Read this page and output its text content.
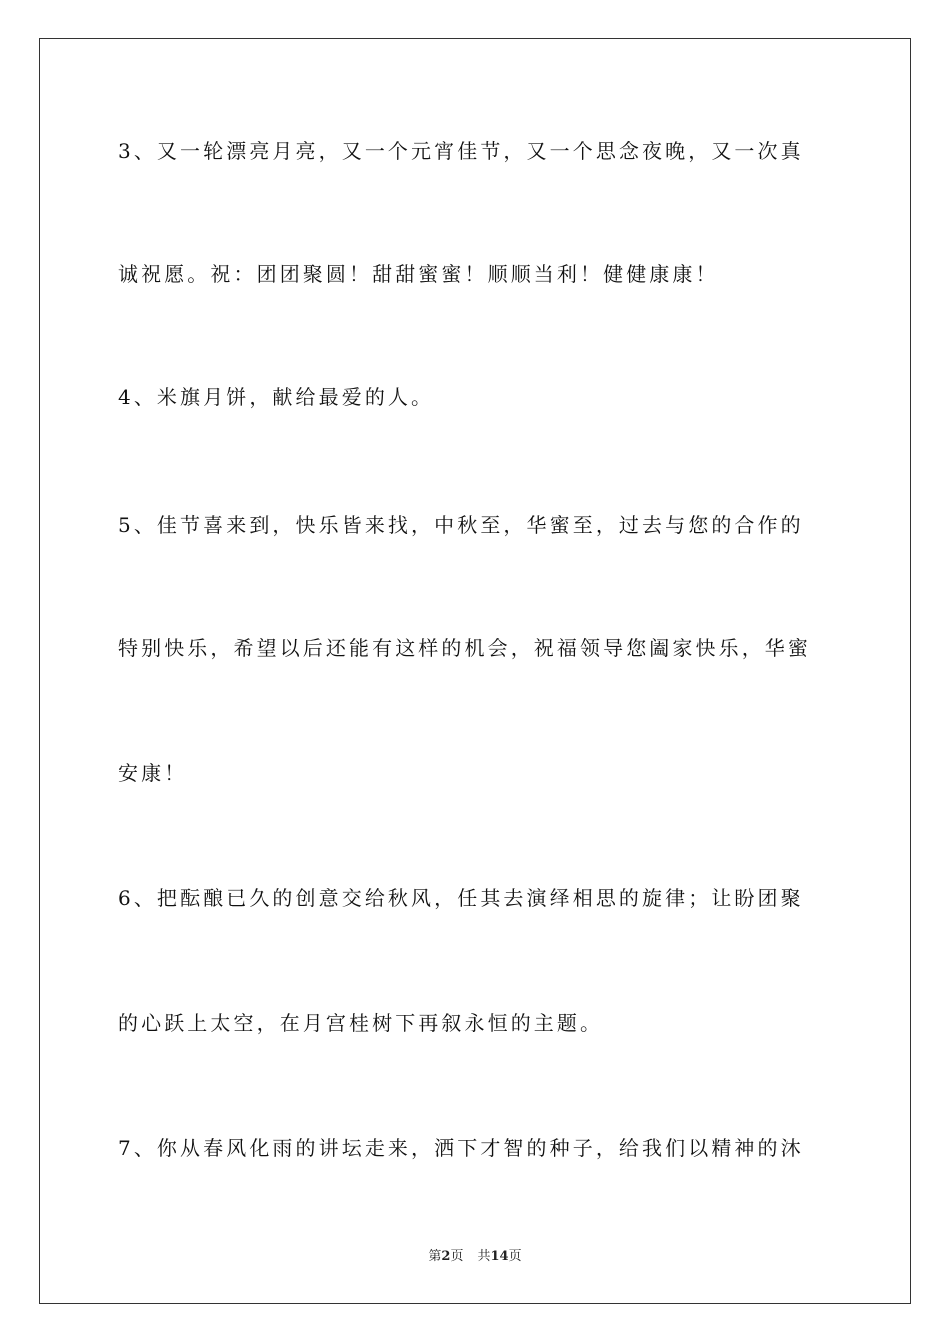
3、又一轮漂亮月亮，又一个元宵佳节，又一个思念夜晚，又一次真
诚祝愿。祝：团团聚圆！甜甜蜜蜜！顺顺当利！健健康康！
4、米旗月饼，献给最爱的人。
5、佳节喜来到，快乐皆来找，中秋至，华蜜至，过去与您的合作的
特别快乐，希望以后还能有这样的机会，祝福领导您阖家快乐，华蜜
安康！
6、把酝酿已久的创意交给秋风，任其去演绎相思的旋律；让盼团聚
的心跃上太空，在月宫桂树下再叙永恒的主题。
7、你从春风化雨的讲坛走来，洒下才智的种子，给我们以精神的沐
第2页 共14页
